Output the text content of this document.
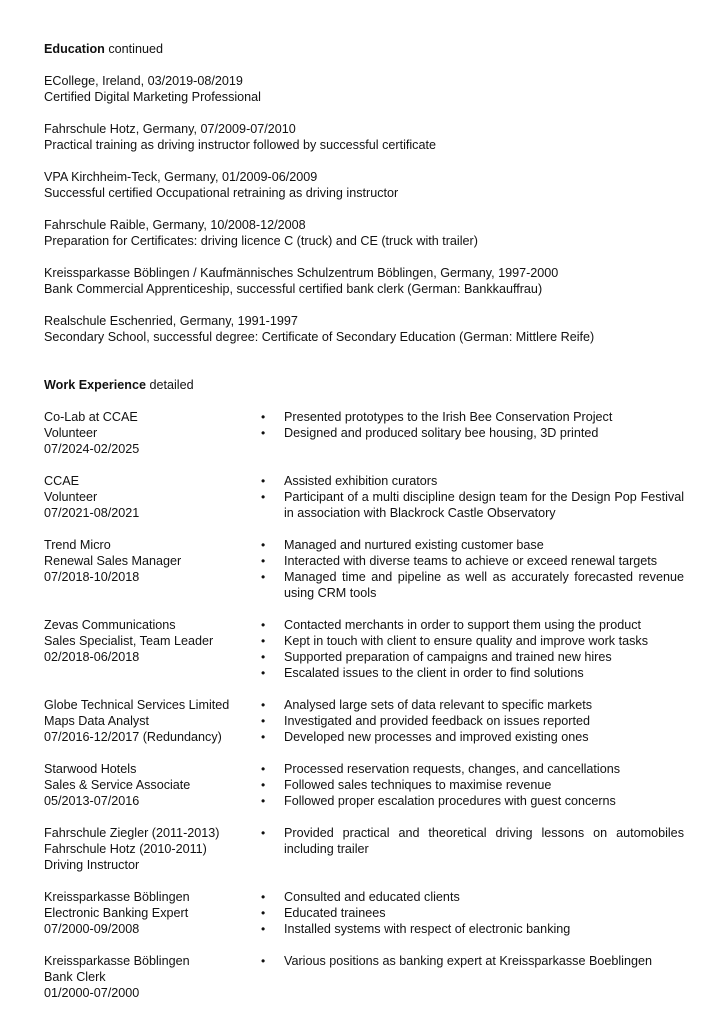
Education continued
ECollege, Ireland, 03/2019-08/2019
Certified Digital Marketing Professional
Fahrschule Hotz, Germany, 07/2009-07/2010
Practical training as driving instructor followed by successful certificate
VPA Kirchheim-Teck, Germany, 01/2009-06/2009
Successful certified Occupational retraining as driving instructor
Fahrschule Raible, Germany, 10/2008-12/2008
Preparation for Certificates: driving licence C (truck) and CE (truck with trailer)
Kreissparkasse Böblingen / Kaufmännisches Schulzentrum Böblingen, Germany, 1997-2000
Bank Commercial Apprenticeship, successful certified bank clerk (German: Bankkauffrau)
Realschule Eschenried, Germany, 1991-1997
Secondary School, successful degree: Certificate of Secondary Education (German: Mittlere Reife)
Work Experience detailed
Co-Lab at CCAE
Volunteer
07/2024-02/2025
• Presented prototypes to the Irish Bee Conservation Project
• Designed and produced solitary bee housing, 3D printed
CCAE
Volunteer
07/2021-08/2021
• Assisted exhibition curators
• Participant of a multi discipline design team for the Design Pop Festival in association with Blackrock Castle Observatory
Trend Micro
Renewal Sales Manager
07/2018-10/2018
• Managed and nurtured existing customer base
• Interacted with diverse teams to achieve or exceed renewal targets
• Managed time and pipeline as well as accurately forecasted revenue using CRM tools
Zevas Communications
Sales Specialist, Team Leader
02/2018-06/2018
• Contacted merchants in order to support them using the product
• Kept in touch with client to ensure quality and improve work tasks
• Supported preparation of campaigns and trained new hires
• Escalated issues to the client in order to find solutions
Globe Technical Services Limited
Maps Data Analyst
07/2016-12/2017 (Redundancy)
• Analysed large sets of data relevant to specific markets
• Investigated and provided feedback on issues reported
• Developed new processes and improved existing ones
Starwood Hotels
Sales & Service Associate
05/2013-07/2016
• Processed reservation requests, changes, and cancellations
• Followed sales techniques to maximise revenue
• Followed proper escalation procedures with guest concerns
Fahrschule Ziegler (2011-2013)
Fahrschule Hotz (2010-2011)
Driving Instructor
• Provided practical and theoretical driving lessons on automobiles including trailer
Kreissparkasse Böblingen
Electronic Banking Expert
07/2000-09/2008
• Consulted and educated clients
• Educated trainees
• Installed systems with respect of electronic banking
Kreissparkasse Böblingen
Bank Clerk
01/2000-07/2000
• Various positions as banking expert at Kreissparkasse Boeblingen
